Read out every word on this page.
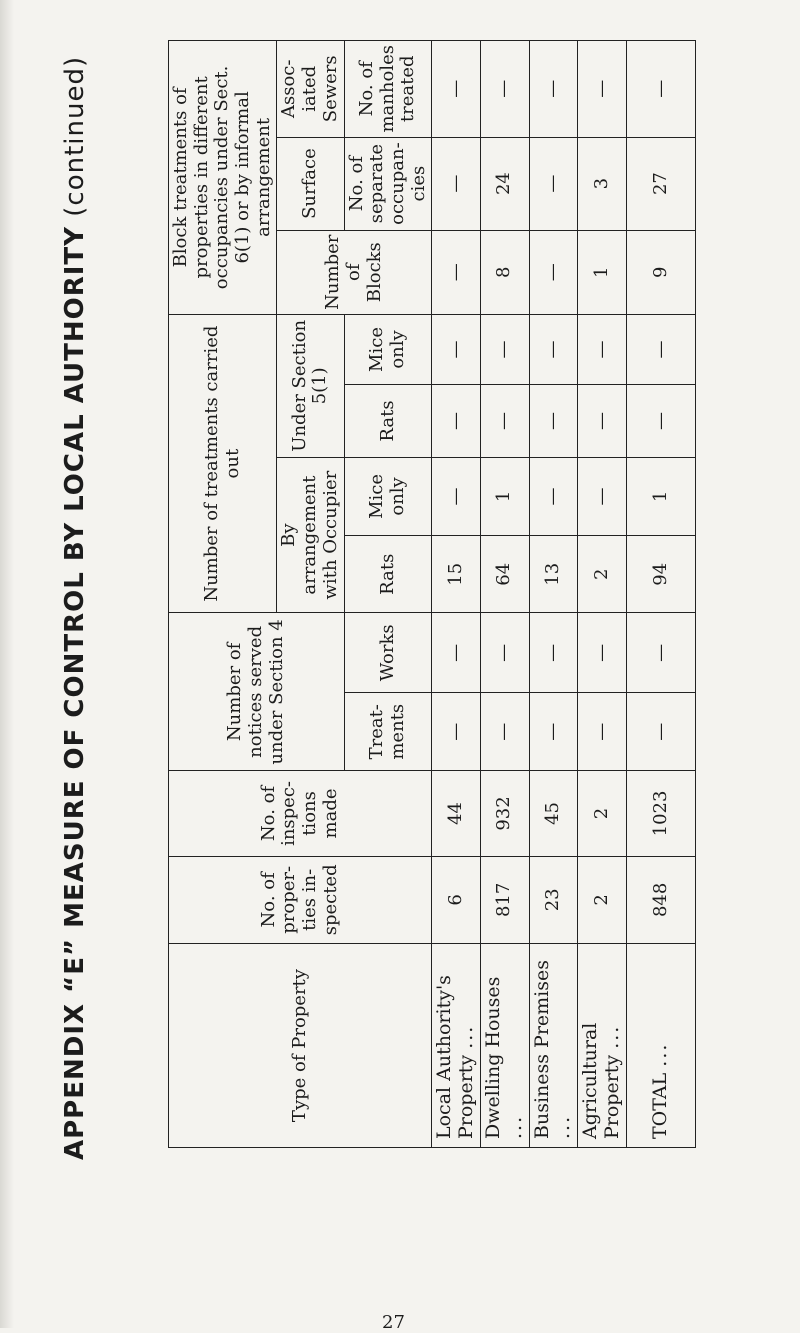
APPENDIX “E” MEASURE OF CONTROL BY LOCAL AUTHORITY (continued)
Type of Property	No. of proper-ties in-spected	No. of inspec-tions made	Number of notices served under Section 4		Number of treatments carried out				Block treatments of properties in different occupancies under Sect. 6(1) or by informal arrangement		
					By arrangement with Occupier		Under Section 5(1)		Number of Blocks	Surface	Assoc-iated Sewers
			Treat-ments	Works	Rats	Mice only	Rats	Mice only		No. of separate occupan-cies	No. of manholes treated
Local Authority's Property ...	6	44	—	—	15	—	—	—	—	—	—
Dwelling Houses ...	817	932	—	—	64	1	—	—	8	24	—
Business Premises ...	23	45	—	—	13	—	—	—	—	—	—
Agricultural Property ...	2	2	—	—	2	—	—	—	1	3	—
TOTAL ...	848	1023	—	—	94	1	—	—	9	27	—
27
